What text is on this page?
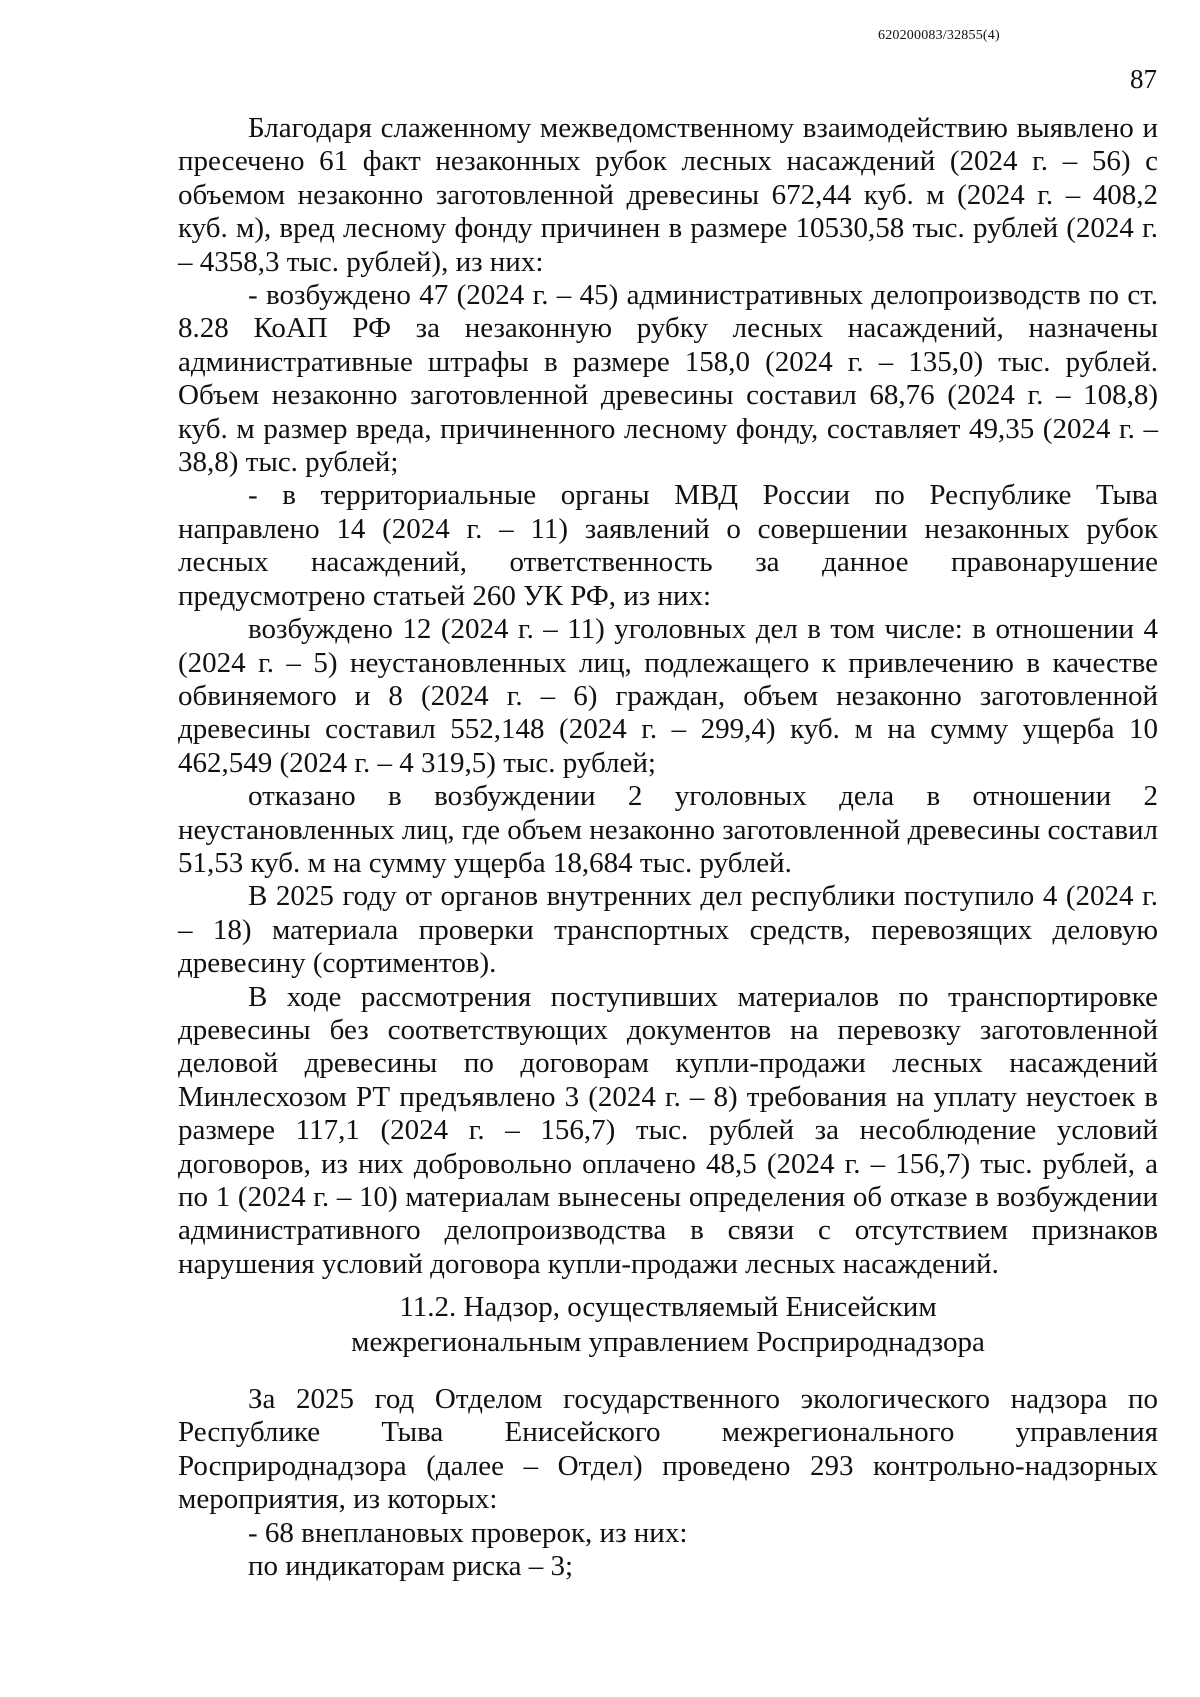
620200083/32855(4)
87

Благодаря слаженному межведомственному взаимодействию выявлено и пресечено 61 факт незаконных рубок лесных насаждений (2024 г. – 56) с объемом незаконно заготовленной древесины 672,44 куб. м (2024 г. – 408,2 куб. м), вред лесному фонду причинен в размере 10530,58 тыс. рублей (2024 г. – 4358,3 тыс. рублей), из них:

- возбуждено 47 (2024 г. – 45) административных делопроизводств по ст. 8.28 КоАП РФ за незаконную рубку лесных насаждений, назначены административные штрафы в размере 158,0 (2024 г. – 135,0) тыс. рублей. Объем незаконно заготовленной древесины составил 68,76 (2024 г. – 108,8) куб. м размер вреда, причиненного лесному фонду, составляет 49,35 (2024 г. – 38,8) тыс. рублей;

- в территориальные органы МВД России по Республике Тыва направлено 14 (2024 г. – 11) заявлений о совершении незаконных рубок лесных насаждений, ответственность за данное правонарушение предусмотрено статьей 260 УК РФ, из них:

возбуждено 12 (2024 г. – 11) уголовных дел в том числе: в отношении 4 (2024 г. – 5) неустановленных лиц, подлежащего к привлечению в качестве обвиняемого и 8 (2024 г. – 6) граждан, объем незаконно заготовленной древесины составил 552,148 (2024 г. – 299,4) куб. м на сумму ущерба 10 462,549 (2024 г. – 4 319,5) тыс. рублей;

отказано в возбуждении 2 уголовных дела в отношении 2 неустановленных лиц, где объем незаконно заготовленной древесины составил 51,53 куб. м на сумму ущерба 18,684 тыс. рублей.

В 2025 году от органов внутренних дел республики поступило 4 (2024 г. – 18) материала проверки транспортных средств, перевозящих деловую древесину (сортиментов).

В ходе рассмотрения поступивших материалов по транспортировке древесины без соответствующих документов на перевозку заготовленной деловой древесины по договорам купли-продажи лесных насаждений Минлесхозом РТ предъявлено 3 (2024 г. – 8) требования на уплату неустоек в размере 117,1 (2024 г. – 156,7) тыс. рублей за несоблюдение условий договоров, из них добровольно оплачено 48,5 (2024 г. – 156,7) тыс. рублей, а по 1 (2024 г. – 10) материалам вынесены определения об отказе в возбуждении административного делопроизводства в связи с отсутствием признаков нарушения условий договора купли-продажи лесных насаждений.

11.2. Надзор, осуществляемый Енисейским
межрегиональным управлением Росприроднадзора

За 2025 год Отделом государственного экологического надзора по Республике Тыва Енисейского межрегионального управления Росприроднадзора (далее – Отдел) проведено 293 контрольно-надзорных мероприятия, из которых:

- 68 внеплановых проверок, из них:

по индикаторам риска – 3;
